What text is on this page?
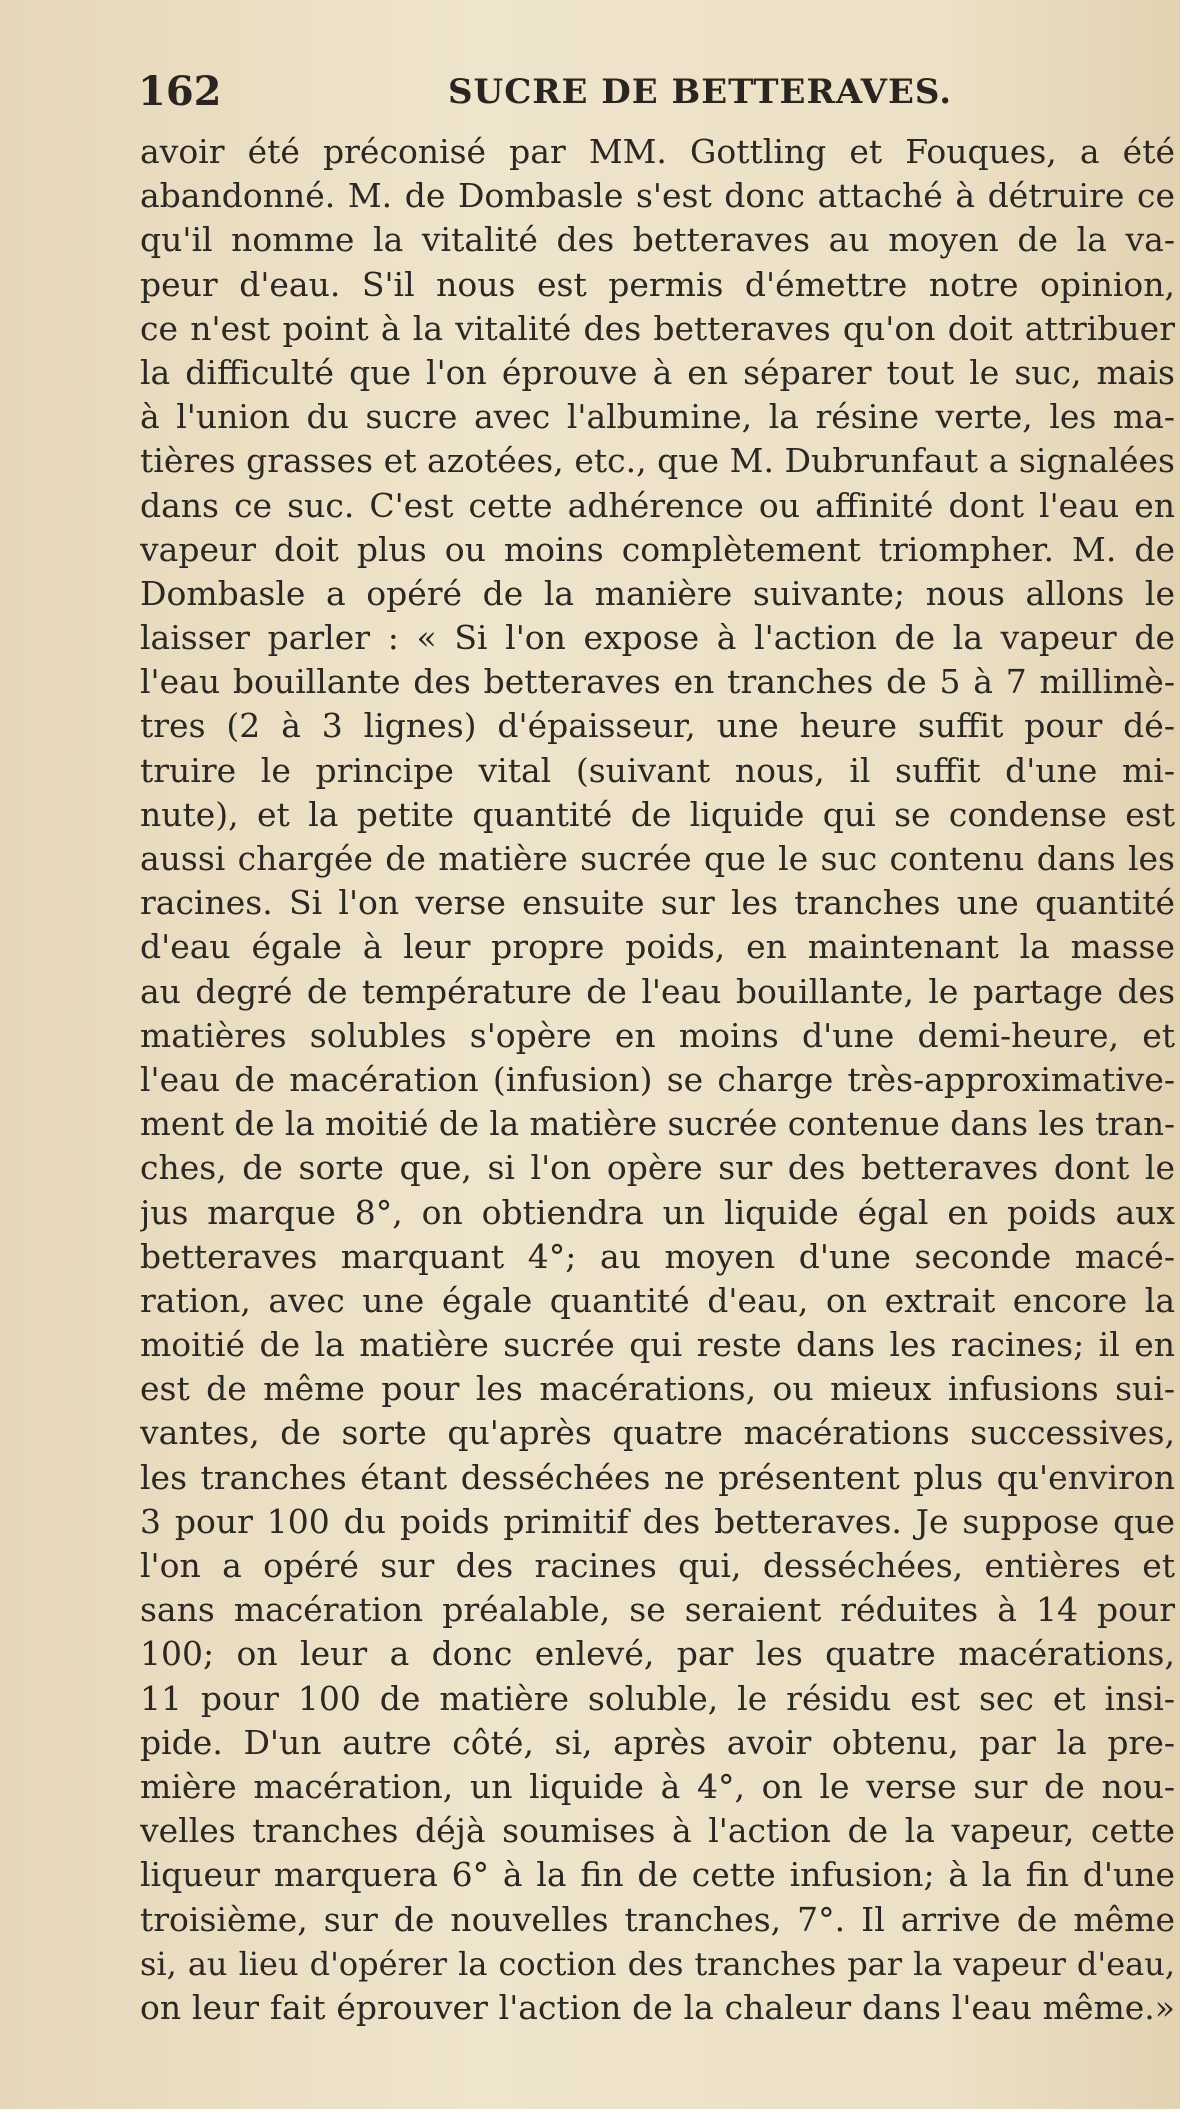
162	SUCRE DE BETTERAVES.
avoir été préconisé par MM. Gottling et Fouques, a été
abandonné. M. de Dombasle s'est donc attaché à détruire ce
qu'il nomme la vitalité des betteraves au moyen de la va-
peur d'eau. S'il nous est permis d'émettre notre opinion,
ce n'est point à la vitalité des betteraves qu'on doit attribuer
la difficulté que l'on éprouve à en séparer tout le suc, mais
à l'union du sucre avec l'albumine, la résine verte, les ma-
tières grasses et azotées, etc., que M. Dubrunfaut a signalées
dans ce suc. C'est cette adhérence ou affinité dont l'eau en
vapeur doit plus ou moins complètement triompher. M. de
Dombasle a opéré de la manière suivante; nous allons le
laisser parler : « Si l'on expose à l'action de la vapeur de
l'eau bouillante des betteraves en tranches de 5 à 7 millimè-
tres (2 à 3 lignes) d'épaisseur, une heure suffit pour dé-
truire le principe vital (suivant nous, il suffit d'une mi-
nute), et la petite quantité de liquide qui se condense est
aussi chargée de matière sucrée que le suc contenu dans les
racines. Si l'on verse ensuite sur les tranches une quantité
d'eau égale à leur propre poids, en maintenant la masse
au degré de température de l'eau bouillante, le partage des
matières solubles s'opère en moins d'une demi-heure, et
l'eau de macération (infusion) se charge très-approximative-
ment de la moitié de la matière sucrée contenue dans les tran-
ches, de sorte que, si l'on opère sur des betteraves dont le
jus marque 8°, on obtiendra un liquide égal en poids aux
betteraves marquant 4°; au moyen d'une seconde macé-
ration, avec une égale quantité d'eau, on extrait encore la
moitié de la matière sucrée qui reste dans les racines; il en
est de même pour les macérations, ou mieux infusions sui-
vantes, de sorte qu'après quatre macérations successives,
les tranches étant desséchées ne présentent plus qu'environ
3 pour 100 du poids primitif des betteraves. Je suppose que
l'on a opéré sur des racines qui, desséchées, entières et
sans macération préalable, se seraient réduites à 14 pour
100; on leur a donc enlevé, par les quatre macérations,
11 pour 100 de matière soluble, le résidu est sec et insi-
pide. D'un autre côté, si, après avoir obtenu, par la pre-
mière macération, un liquide à 4°, on le verse sur de nou-
velles tranches déjà soumises à l'action de la vapeur, cette
liqueur marquera 6° à la fin de cette infusion; à la fin d'une
troisième, sur de nouvelles tranches, 7°. Il arrive de même
si, au lieu d'opérer la coction des tranches par la vapeur d'eau,
on leur fait éprouver l'action de la chaleur dans l'eau même.»
